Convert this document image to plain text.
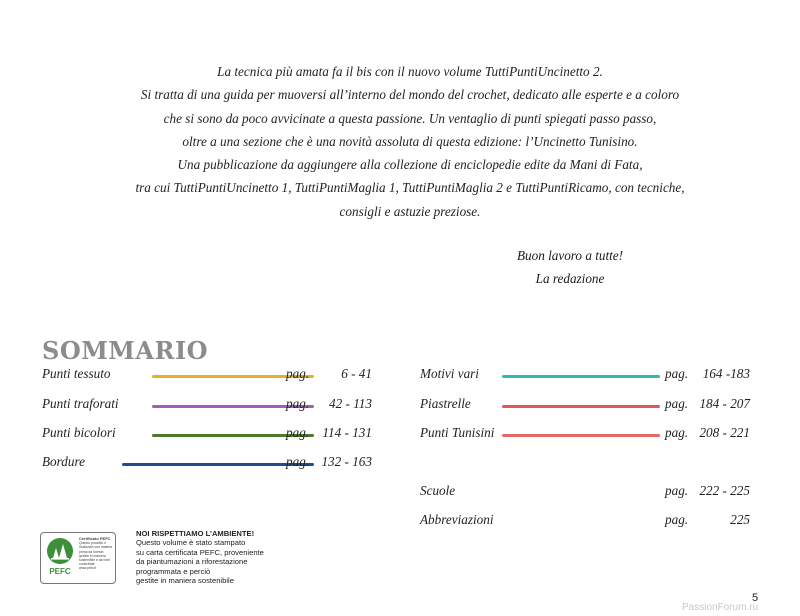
La tecnica più amata fa il bis con il nuovo volume TuttiPuntiUncinetto 2.

Si tratta di una guida per muoversi all’interno del mondo del crochet, dedicato alle esperte e a coloro

che si sono da poco avvicinate a questa passione. Un ventaglio di punti spiegati passo passo,

oltre a una sezione che è una novità assoluta di questa edizione: l’Uncinetto Tunisino.

Una pubblicazione da aggiungere alla collezione di enciclopedie edite da Mani di Fata,

tra cui TuttiPuntiUncinetto 1, TuttiPuntiMaglia 1, TuttiPuntiMaglia 2 e TuttiPuntiRicamo, con tecniche,

consigli e astuzie preziose.

Buon lavoro a tutte!

La redazione

SOMMARIO
Punti tessuto	pag. 6 - 41
Punti traforati	pag. 42 - 113
Punti bicolori	pag. 114 - 131
Bordure	pag. 132 - 163
Motivi vari	pag. 164 -183
Piastrelle	pag. 184 - 207
Punti Tunisini	pag. 208 - 221
Scuole	pag. 222 - 225
Abbreviazioni	pag.	225
PEFC
Certificato PEFC
Questo prodotto è realizzato con materia prima da foreste gestite in maniera sostenibile e da fonti controllate
www.pefc.it
NOI RISPETTIAMO L’AMBIENTE!
Questo volume è stato stampato
su carta certificata PEFC, proveniente
da piantumazioni a riforestazione
programmata e perciò
gestite in maniera sostenibile
5
PassionForum.ru
